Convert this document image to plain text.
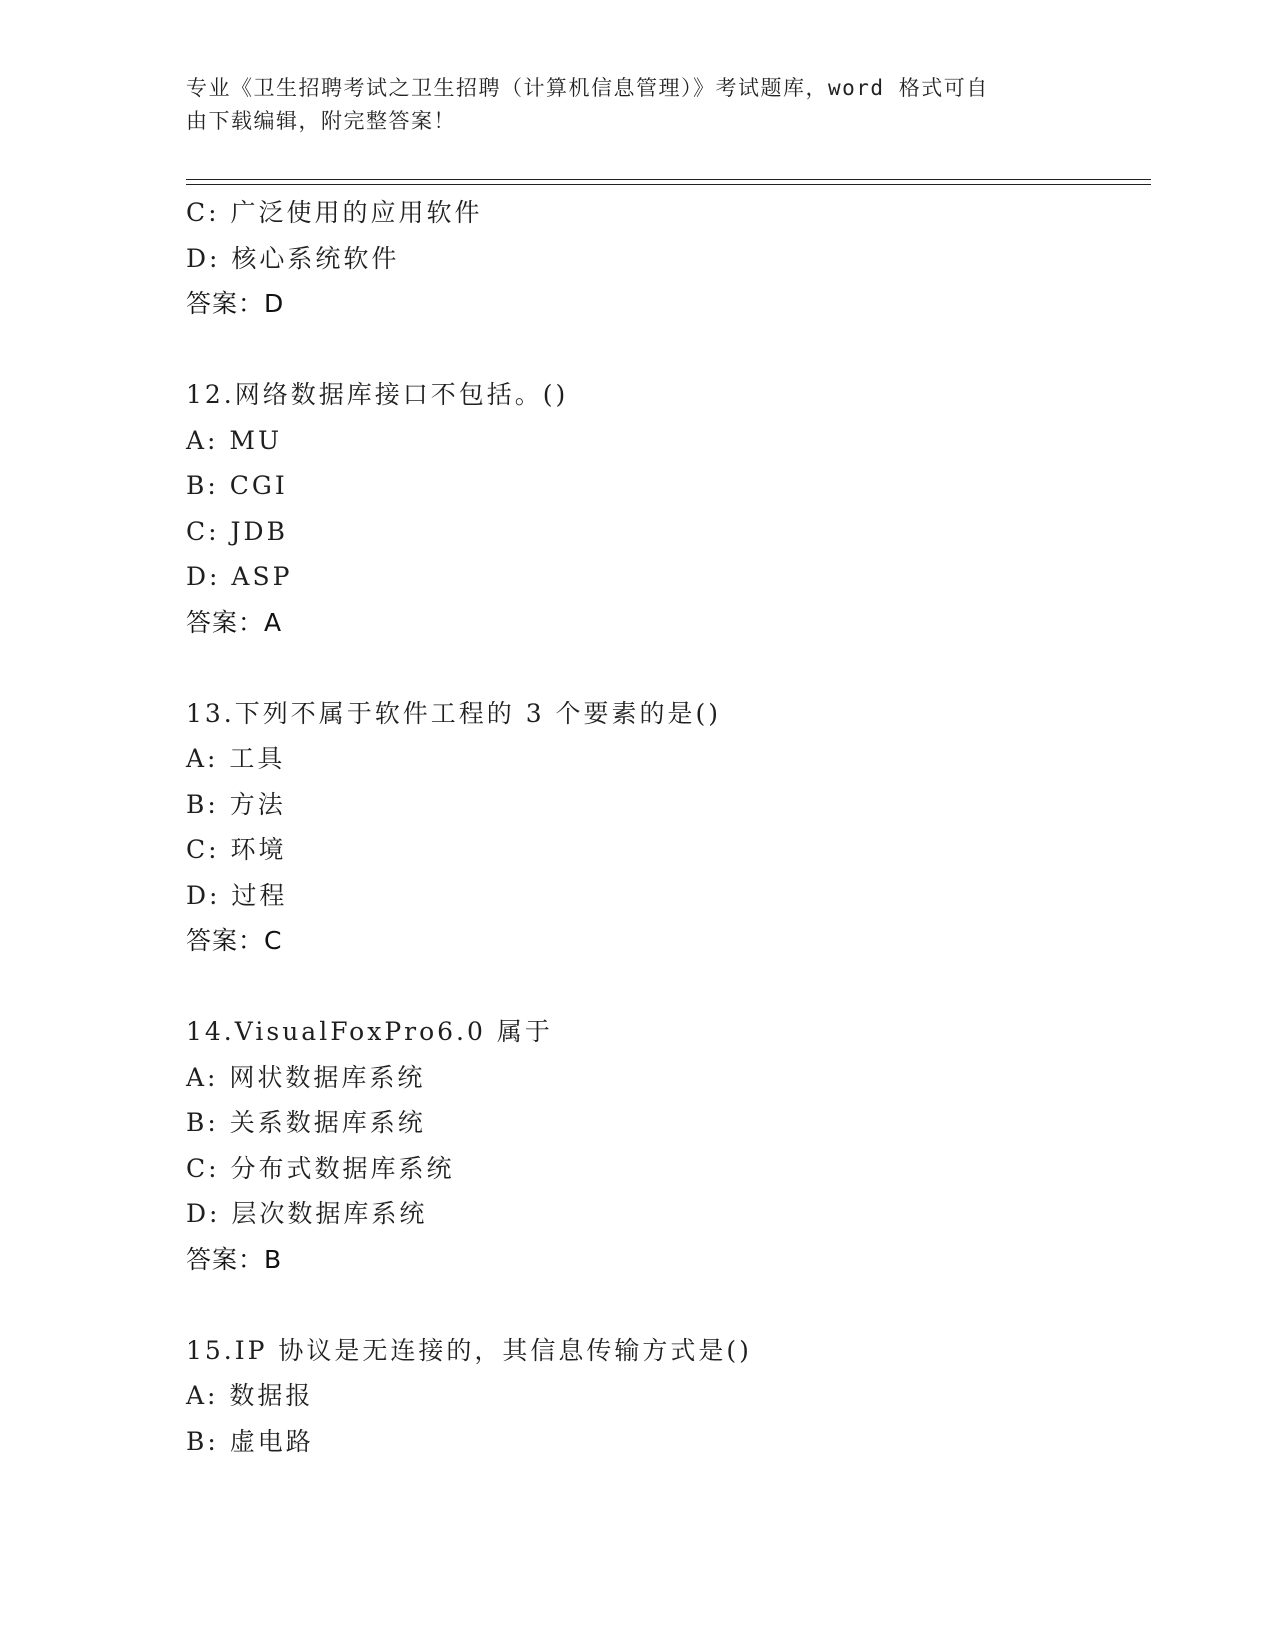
专业《卫生招聘考试之卫生招聘（计算机信息管理）》考试题库，word 格式可自
由下载编辑，附完整答案！
C: 广泛使用的应用软件
D: 核心系统软件
答案：D
12.网络数据库接口不包括。()
A: MU
B: CGI
C: JDB
D: ASP
答案：A
13.下列不属于软件工程的 3 个要素的是()
A: 工具
B: 方法
C: 环境
D: 过程
答案：C
14.VisualFoxPro6.0 属于
A: 网状数据库系统
B: 关系数据库系统
C: 分布式数据库系统
D: 层次数据库系统
答案：B
15.IP 协议是无连接的，其信息传输方式是()
A: 数据报
B: 虚电路
